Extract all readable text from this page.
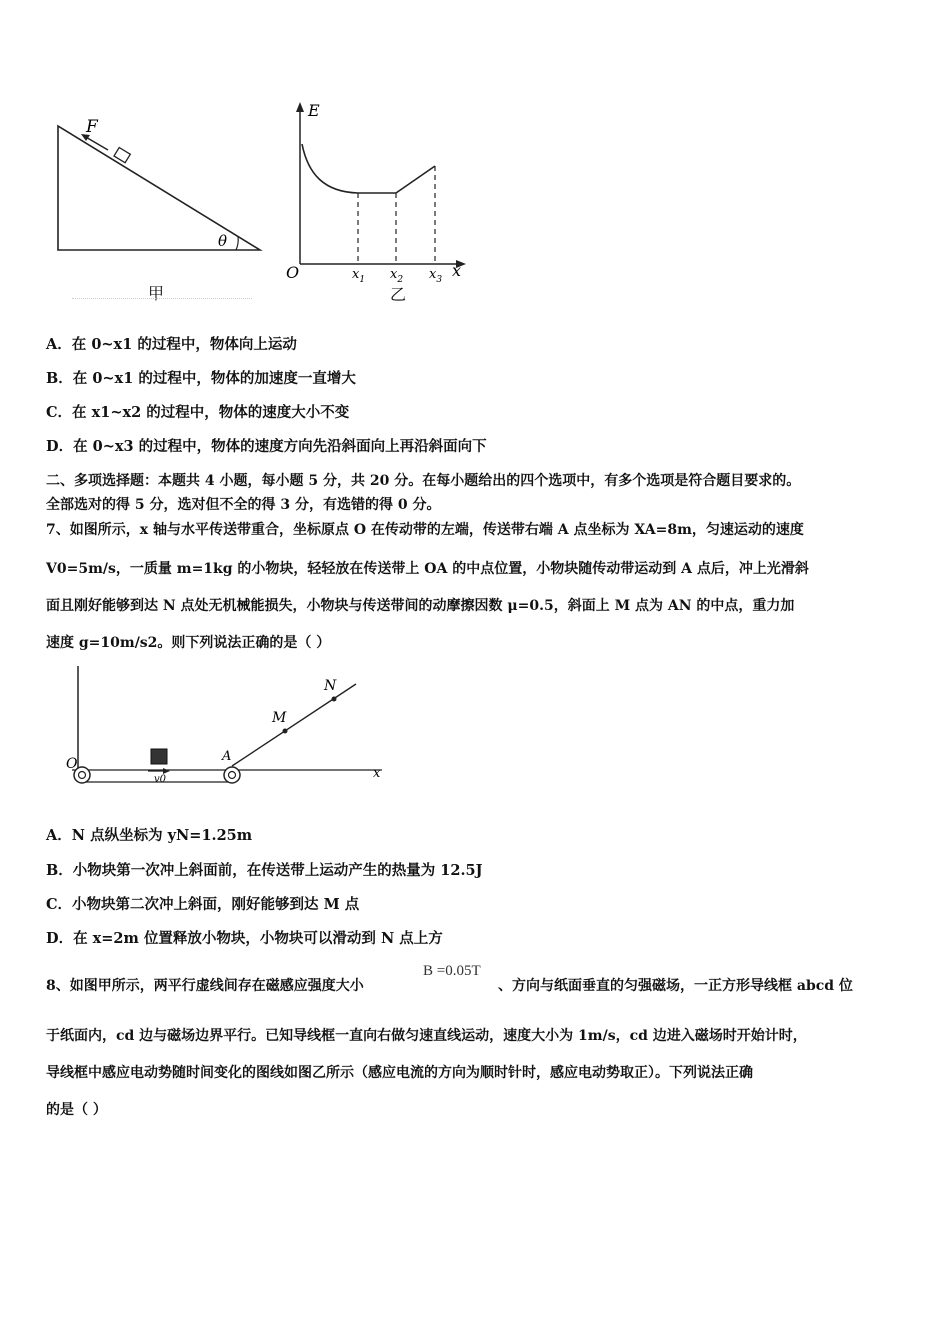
F
θ
甲
E
x
O	$x_1$ $x_2$ $x_3$
乙
A．在 0~x1 的过程中，物体向上运动
B．在 0~x1 的过程中，物体的加速度一直增大
C．在 x1~x2 的过程中，物体的速度大小不变
D．在 0~x3 的过程中，物体的速度方向先沿斜面向上再沿斜面向下
二、多项选择题：本题共 4 小题，每小题 5 分，共 20 分。在每小题给出的四个选项中，有多个选项是符合题目要求的。
全部选对的得 5 分，选对但不全的得 3 分，有选错的得 0 分。
7、如图所示，x 轴与水平传送带重合，坐标原点 O 在传动带的左端，传送带右端 A 点坐标为 XA=8m，匀速运动的速度
V0=5m/s，一质量 m=1kg 的小物块，轻轻放在传送带上 OA 的中点位置，小物块随传动带运动到 A 点后，冲上光滑斜
面且刚好能够到达 N 点处无机械能损失，小物块与传送带间的动摩擦因数 μ=0.5，斜面上 M 点为 AN 的中点，重力加
速度 g=10m/s2。则下列说法正确的是（ ）
v0
M
N
A
O
x
A．N 点纵坐标为 yN=1.25m
B．小物块第一次冲上斜面前，在传送带上运动产生的热量为 12.5J
C．小物块第二次冲上斜面，刚好能够到达 M 点
D．在 x=2m 位置释放小物块，小物块可以滑动到 N 点上方
8、如图甲所示，两平行虚线间存在磁感应强度大小
B =0.05T
、方向与纸面垂直的匀强磁场，一正方形导线框 abcd 位
于纸面内，cd 边与磁场边界平行。已知导线框一直向右做匀速直线运动，速度大小为 1m/s，cd 边进入磁场时开始计时，
导线框中感应电动势随时间变化的图线如图乙所示（感应电流的方向为顺时针时，感应电动势取正）。下列说法正确
的是（ ）
